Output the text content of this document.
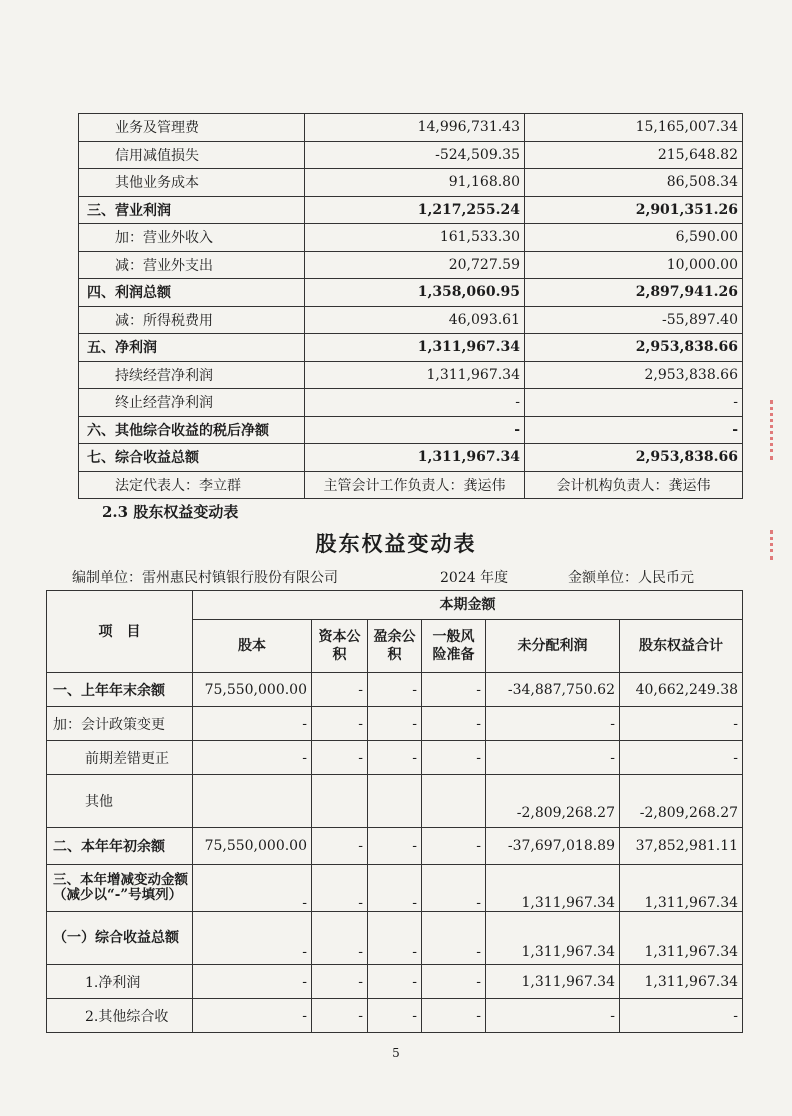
业务及管理费	14,996,731.43	15,165,007.34
信用减值损失	-524,509.35	215,648.82
其他业务成本	91,168.80	86,508.34
三、营业利润	1,217,255.24	2,901,351.26
加：营业外收入	161,533.30	6,590.00
减：营业外支出	20,727.59	10,000.00
四、利润总额	1,358,060.95	2,897,941.26
减：所得税费用	46,093.61	-55,897.40
五、净利润	1,311,967.34	2,953,838.66
持续经营净利润	1,311,967.34	2,953,838.66
终止经营净利润	-	-
六、其他综合收益的税后净额	-	-
七、综合收益总额	1,311,967.34	2,953,838.66
法定代表人：李立群	主管会计工作负责人：龚运伟	会计机构负责人：龚运伟
2.3 股东权益变动表
股东权益变动表
编制单位：雷州惠民村镇银行股份有限公司	2024 年度	金额单位：人民币元
项　目	本期金额					
	股本	资本公积	盈余公积	一般风险准备	未分配利润	股东权益合计
一、上年年末余额	75,550,000.00	-	-	-	-34,887,750.62	40,662,249.38
加：会计政策变更	-	-	-	-	-	-
前期差错更正	-	-	-	-	-	-
其他					-2,809,268.27	-2,809,268.27
二、本年年初余额	75,550,000.00	-	-	-	-37,697,018.89	37,852,981.11
三、本年增减变动金额（减少以“-”号填列）	-	-	-	-	1,311,967.34	1,311,967.34
（一）综合收益总额	-	-	-	-	1,311,967.34	1,311,967.34
1.净利润	-	-	-	-	1,311,967.34	1,311,967.34
2.其他综合收	-	-	-	-	-	-
5
